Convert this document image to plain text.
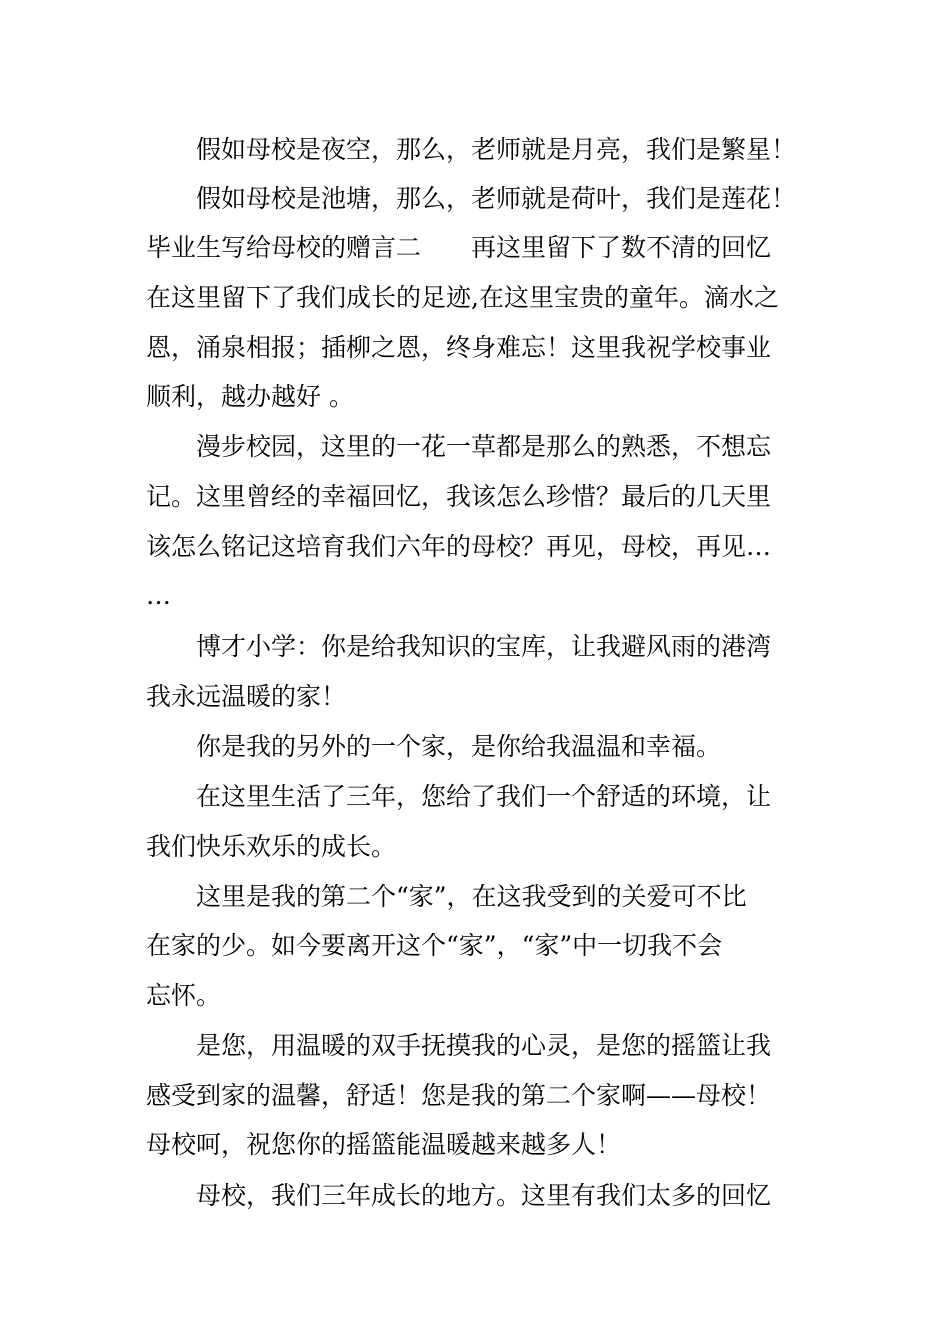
假如母校是夜空，那么，老师就是月亮，我们是繁星！
假如母校是池塘，那么，老师就是荷叶，我们是莲花！
毕业生写给母校的赠言二　　再这里留下了数不清的回忆
在这里留下了我们成长的足迹,在这里宝贵的童年。滴水之
恩，涌泉相报；插柳之恩，终身难忘！这里我祝学校事业
顺利，越办越好 。
漫步校园，这里的一花一草都是那么的熟悉，不想忘
记。这里曾经的幸福回忆，我该怎么珍惜？最后的几天里
该怎么铭记这培育我们六年的母校？再见，母校，再见…
…
博才小学：你是给我知识的宝库，让我避风雨的港湾
我永远温暖的家！
你是我的另外的一个家，是你给我温温和幸福。
在这里生活了三年，您给了我们一个舒适的环境，让
我们快乐欢乐的成长。
这里是我的第二个“家”，在这我受到的关爱可不比
在家的少。如今要离开这个“家”，“家”中一切我不会
忘怀。
是您，用温暖的双手抚摸我的心灵，是您的摇篮让我
感受到家的温馨，舒适！您是我的第二个家啊——母校！
母校呵，祝您你的摇篮能温暖越来越多人！
母校，我们三年成长的地方。这里有我们太多的回忆
